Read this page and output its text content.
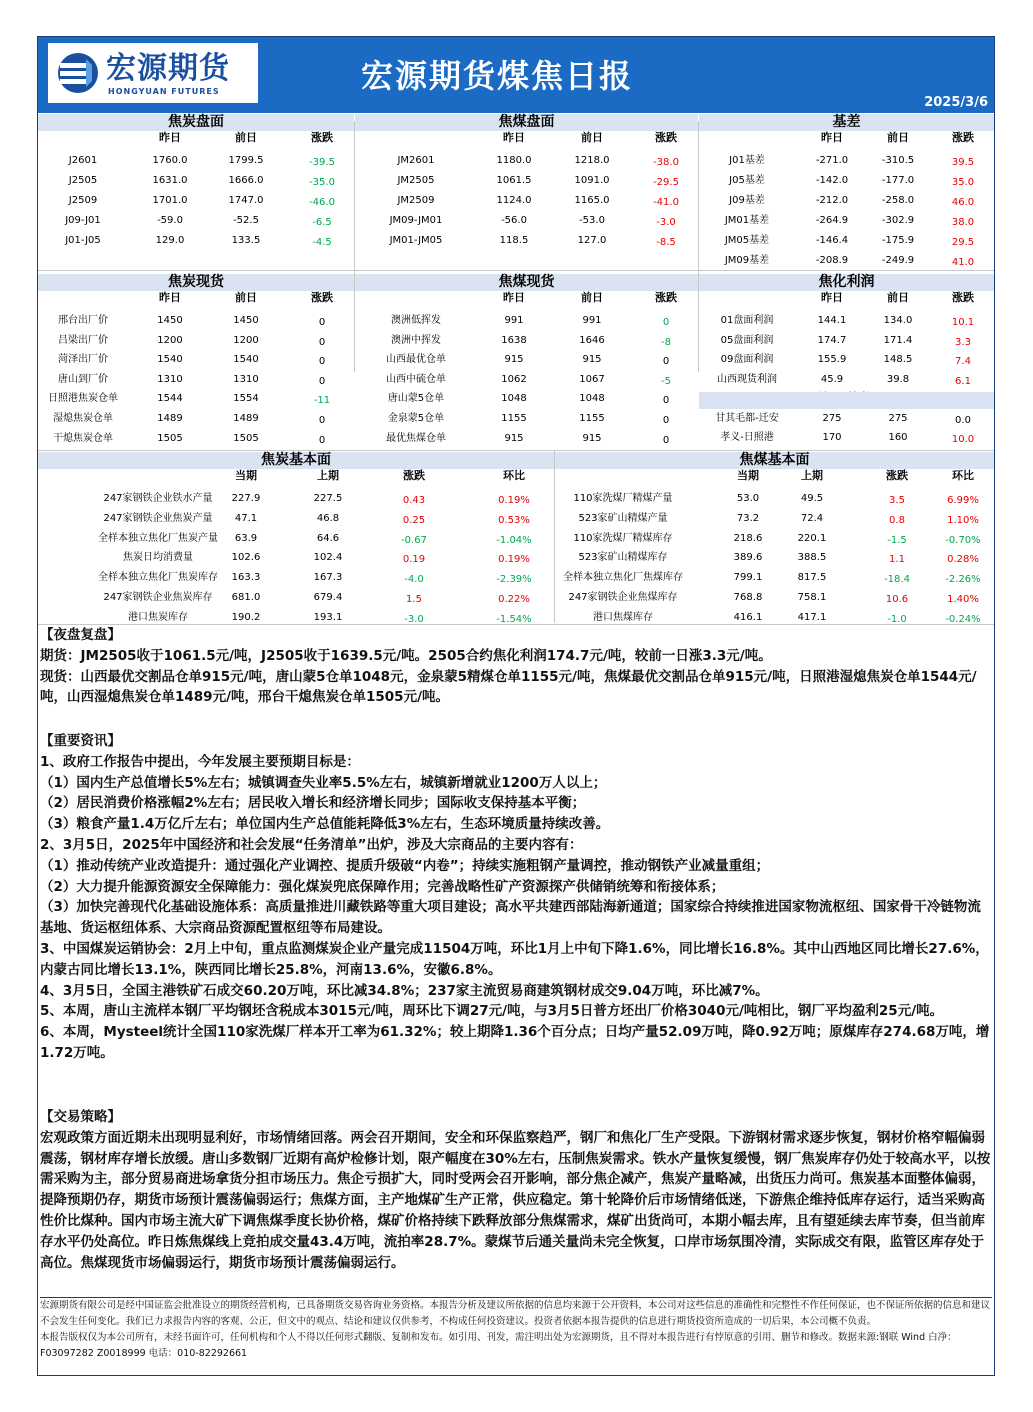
宏源期货
HONGYUAN FUTURES	宏源期货煤焦日报
2025/3/6
焦炭盘面
昨日	前日	涨跌
J2601	1760.0	1799.5	-39.5
J2505	1631.0	1666.0	-35.0
J2509	1701.0	1747.0	-46.0
J09-J01	-59.0	-52.5	-6.5
J01-J05	129.0	133.5	-4.5
焦煤盘面
昨日	前日	涨跌
JM2601	1180.0	1218.0	-38.0
JM2505	1061.5	1091.0	-29.5
JM2509	1124.0	1165.0	-41.0
JM09-JM01	-56.0	-53.0	-3.0
JM01-JM05	118.5	127.0	-8.5
基差
昨日	前日	涨跌
J01基差	-271.0	-310.5	39.5
J05基差	-142.0	-177.0	35.0
J09基差	-212.0	-258.0	46.0
JM01基差	-264.9	-302.9	38.0
JM05基差	-146.4	-175.9	29.5
JM09基差	-208.9	-249.9	41.0
焦炭现货
昨日	前日	涨跌
邢台出厂价	1450	1450	0
吕梁出厂价	1200	1200	0
菏泽出厂价	1540	1540	0
唐山到厂价	1310	1310	0
日照港焦炭仓单	1544	1554	-11
湿熄焦炭仓单	1489	1489	0
干熄焦炭仓单	1505	1505	0
焦煤现货
昨日	前日	涨跌
澳洲低挥发	991	991	0
澳洲中挥发	1638	1646	-8
山西最优仓单	915	915	0
山西中硫仓单	1062	1067	-5
唐山蒙5仓单	1048	1048	0
金泉蒙5仓单	1155	1155	0
最优焦煤仓单	915	915	0
焦化利润
昨日	前日	涨跌
01盘面利润	144.1	134.0	10.1
05盘面利润	174.7	171.4	3.3
09盘面利润	155.9	148.5	7.4
山西现货利润	45.9	39.8	6.1
甘其毛都-迁安	275	275	0.0
孝义-日照港	170	160	10.0
焦炭基本面
当期	上期	涨跌	环比
247家钢铁企业铁水产量	227.9	227.5	0.43	0.19%
247家钢铁企业焦炭产量	47.1	46.8	0.25	0.53%
全样本独立焦化厂焦炭产量	63.9	64.6	-0.67	-1.04%
焦炭日均消费量	102.6	102.4	0.19	0.19%
全样本独立焦化厂焦炭库存	163.3	167.3	-4.0	-2.39%
247家钢铁企业焦炭库存	681.0	679.4	1.5	0.22%
港口焦炭库存	190.2	193.1	-3.0	-1.54%
焦煤基本面
当期	上期	涨跌	环比
110家洗煤厂精煤产量	53.0	49.5	3.5	6.99%
523家矿山精煤产量	73.2	72.4	0.8	1.10%
110家洗煤厂精煤库存	218.6	220.1	-1.5	-0.70%
523家矿山精煤库存	389.6	388.5	1.1	0.28%
全样本独立焦化厂焦煤库存	799.1	817.5	-18.4	-2.26%
247家钢铁企业焦煤库存	768.8	758.1	10.6	1.40%
港口焦煤库存	416.1	417.1	-1.0	-0.24%

【夜盘复盘】

期货：JM2505收于1061.5元/吨，J2505收于1639.5元/吨。2505合约焦化利润174.7元/吨，较前一日涨3.3元/吨。

现货：山西最优交割品仓单915元/吨，唐山蒙5仓单1048元，金泉蒙5精煤仓单1155元/吨，焦煤最优交割品仓单915元/吨，日照港湿熄焦炭仓单1544元/吨，山西湿熄焦炭仓单1489元/吨，邢台干熄焦炭仓单1505元/吨。

【重要资讯】

1、政府工作报告中提出，今年发展主要预期目标是：

（1）国内生产总值增长5%左右；城镇调查失业率5.5%左右，城镇新增就业1200万人以上；

（2）居民消费价格涨幅2%左右；居民收入增长和经济增长同步；国际收支保持基本平衡；

（3）粮食产量1.4万亿斤左右；单位国内生产总值能耗降低3%左右，生态环境质量持续改善。

2、3月5日，2025年中国经济和社会发展“任务清单”出炉，涉及大宗商品的主要内容有：

（1）推动传统产业改造提升：通过强化产业调控、提质升级破“内卷”；持续实施粗钢产量调控，推动钢铁产业减量重组；

（2）大力提升能源资源安全保障能力：强化煤炭兜底保障作用；完善战略性矿产资源探产供储销统筹和衔接体系；

（3）加快完善现代化基础设施体系：高质量推进川藏铁路等重大项目建设；高水平共建西部陆海新通道；国家综合持续推进国家物流枢纽、国家骨干冷链物流基地、货运枢纽体系、大宗商品资源配置枢纽等布局建设。

3、中国煤炭运销协会：2月上中旬，重点监测煤炭企业产量完成11504万吨，环比1月上中旬下降1.6%，同比增长16.8%。其中山西地区同比增长27.6%，内蒙古同比增长13.1%，陕西同比增长25.8%，河南13.6%，安徽6.8%。

4、3月5日，全国主港铁矿石成交60.20万吨，环比减34.8%；237家主流贸易商建筑钢材成交9.04万吨，环比减7%。

5、本周，唐山主流样本钢厂平均钢坯含税成本3015元/吨，周环比下调27元/吨，与3月5日普方坯出厂价格3040元/吨相比，钢厂平均盈利25元/吨。

6、本周，Mysteel统计全国110家洗煤厂样本开工率为61.32%；较上期降1.36个百分点；日均产量52.09万吨，降0.92万吨；原煤库存274.68万吨，增1.72万吨。

【交易策略】

宏观政策方面近期未出现明显利好，市场情绪回落。两会召开期间，安全和环保监察趋严，钢厂和焦化厂生产受限。下游钢材需求逐步恢复，钢材价格窄幅偏弱震荡，钢材库存增长放缓。唐山多数钢厂近期有高炉检修计划，限产幅度在30%左右，压制焦炭需求。铁水产量恢复缓慢，钢厂焦炭库存仍处于较高水平，以按需采购为主，部分贸易商进场拿货分担市场压力。焦企亏损扩大，同时受两会召开影响，部分焦企减产，焦炭产量略减，出货压力尚可。焦炭基本面整体偏弱，提降预期仍存，期货市场预计震荡偏弱运行；焦煤方面，主产地煤矿生产正常，供应稳定。第十轮降价后市场情绪低迷，下游焦企维持低库存运行，适当采购高性价比煤种。国内市场主流大矿下调焦煤季度长协价格，煤矿价格持续下跌释放部分焦煤需求，煤矿出货尚可，本期小幅去库，且有望延续去库节奏，但当前库存水平仍处高位。昨日炼焦煤线上竞拍成交量43.4万吨，流拍率28.7%。蒙煤节后通关量尚未完全恢复，口岸市场氛围冷清，实际成交有限，监管区库存处于高位。焦煤现货市场偏弱运行，期货市场预计震荡偏弱运行。

宏源期货有限公司是经中国证监会批准设立的期货经营机构，已具备期货交易咨询业务资格。本报告分析及建议所依据的信息均来源于公开资料，本公司对这些信息的准确性和完整性不作任何保证，也不保证所依据的信息和建议不会发生任何变化。我们已力求报告内容的客观、公正，但文中的观点、结论和建议仅供参考，不构成任何投资建议。投资者依据本报告提供的信息进行期货投资所造成的一切后果，本公司概不负责。

本报告版权仅为本公司所有，未经书面许可，任何机构和个人不得以任何形式翻版、复制和发布。如引用、刊发，需注明出处为宏源期货，且不得对本报告进行有悖原意的引用、删节和修改。数据来源:钢联 Wind 白净：F03097282 Z0018999 电话：010-82292661
